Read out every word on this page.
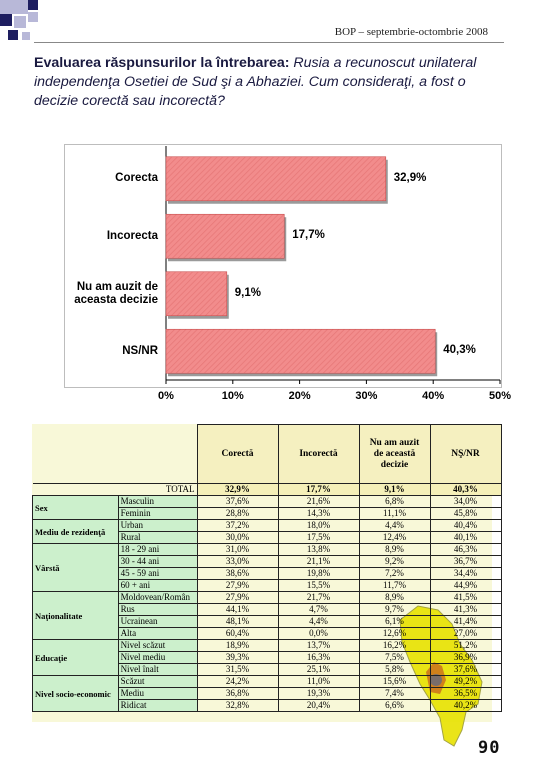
BOP – septembrie-octombrie 2008
Evaluarea răspunsurilor la întrebarea: Rusia a recunoscut unilateral independenţa Osetiei de Sud şi a Abhaziei. Cum consideraţi, a fost o decizie corectă sau incorectă?
Corecta	32,9%
Incorecta	17,7%
Nu am auzit de
aceasta decizie
9,1%
NS/NR	40,3%
0%	10%	20%	30%	40%	50%

		Corectă	Incorectă	Nu am auzit
de această
decizie	NŞ/NR

TOTAL		32,9%	17,7%	9,1%	40,3%
Sex	Masculin	37,6%	21,6%	6,8%	34,0%
	Feminin	28,8%	14,3%	11,1%	45,8%
Mediu de rezidenţă	Urban	37,2%	18,0%	4,4%	40,4%
	Rural	30,0%	17,5%	12,4%	40,1%
Vârstă	18 - 29 ani	31,0%	13,8%	8,9%	46,3%
	30 - 44 ani	33,0%	21,1%	9,2%	36,7%
	45 - 59 ani	38,6%	19,8%	7,2%	34,4%
	60 + ani	27,9%	15,5%	11,7%	44,9%
Naţionalitate	Moldovean/Român	27,9%	21,7%	8,9%	41,5%
	Rus	44,1%	4,7%	9,7%	41,3%
	Ucrainean	48,1%	4,4%	6,1%	41,4%
	Alta	60,4%	0,0%	12,6%	27,0%
Educaţie	Nivel scăzut	18,9%	13,7%	16,2%	51,2%
	Nivel mediu	39,3%	16,3%	7,5%	36,9%
	Nivel înalt	31,5%	25,1%	5,8%	37,6%
Nivel socio-economic	Scăzut	24,2%	11,0%	15,6%	49,2%
	Mediu	36,8%	19,3%	7,4%	36,5%
	Ridicat	32,8%	20,4%	6,6%	40,2%
90
